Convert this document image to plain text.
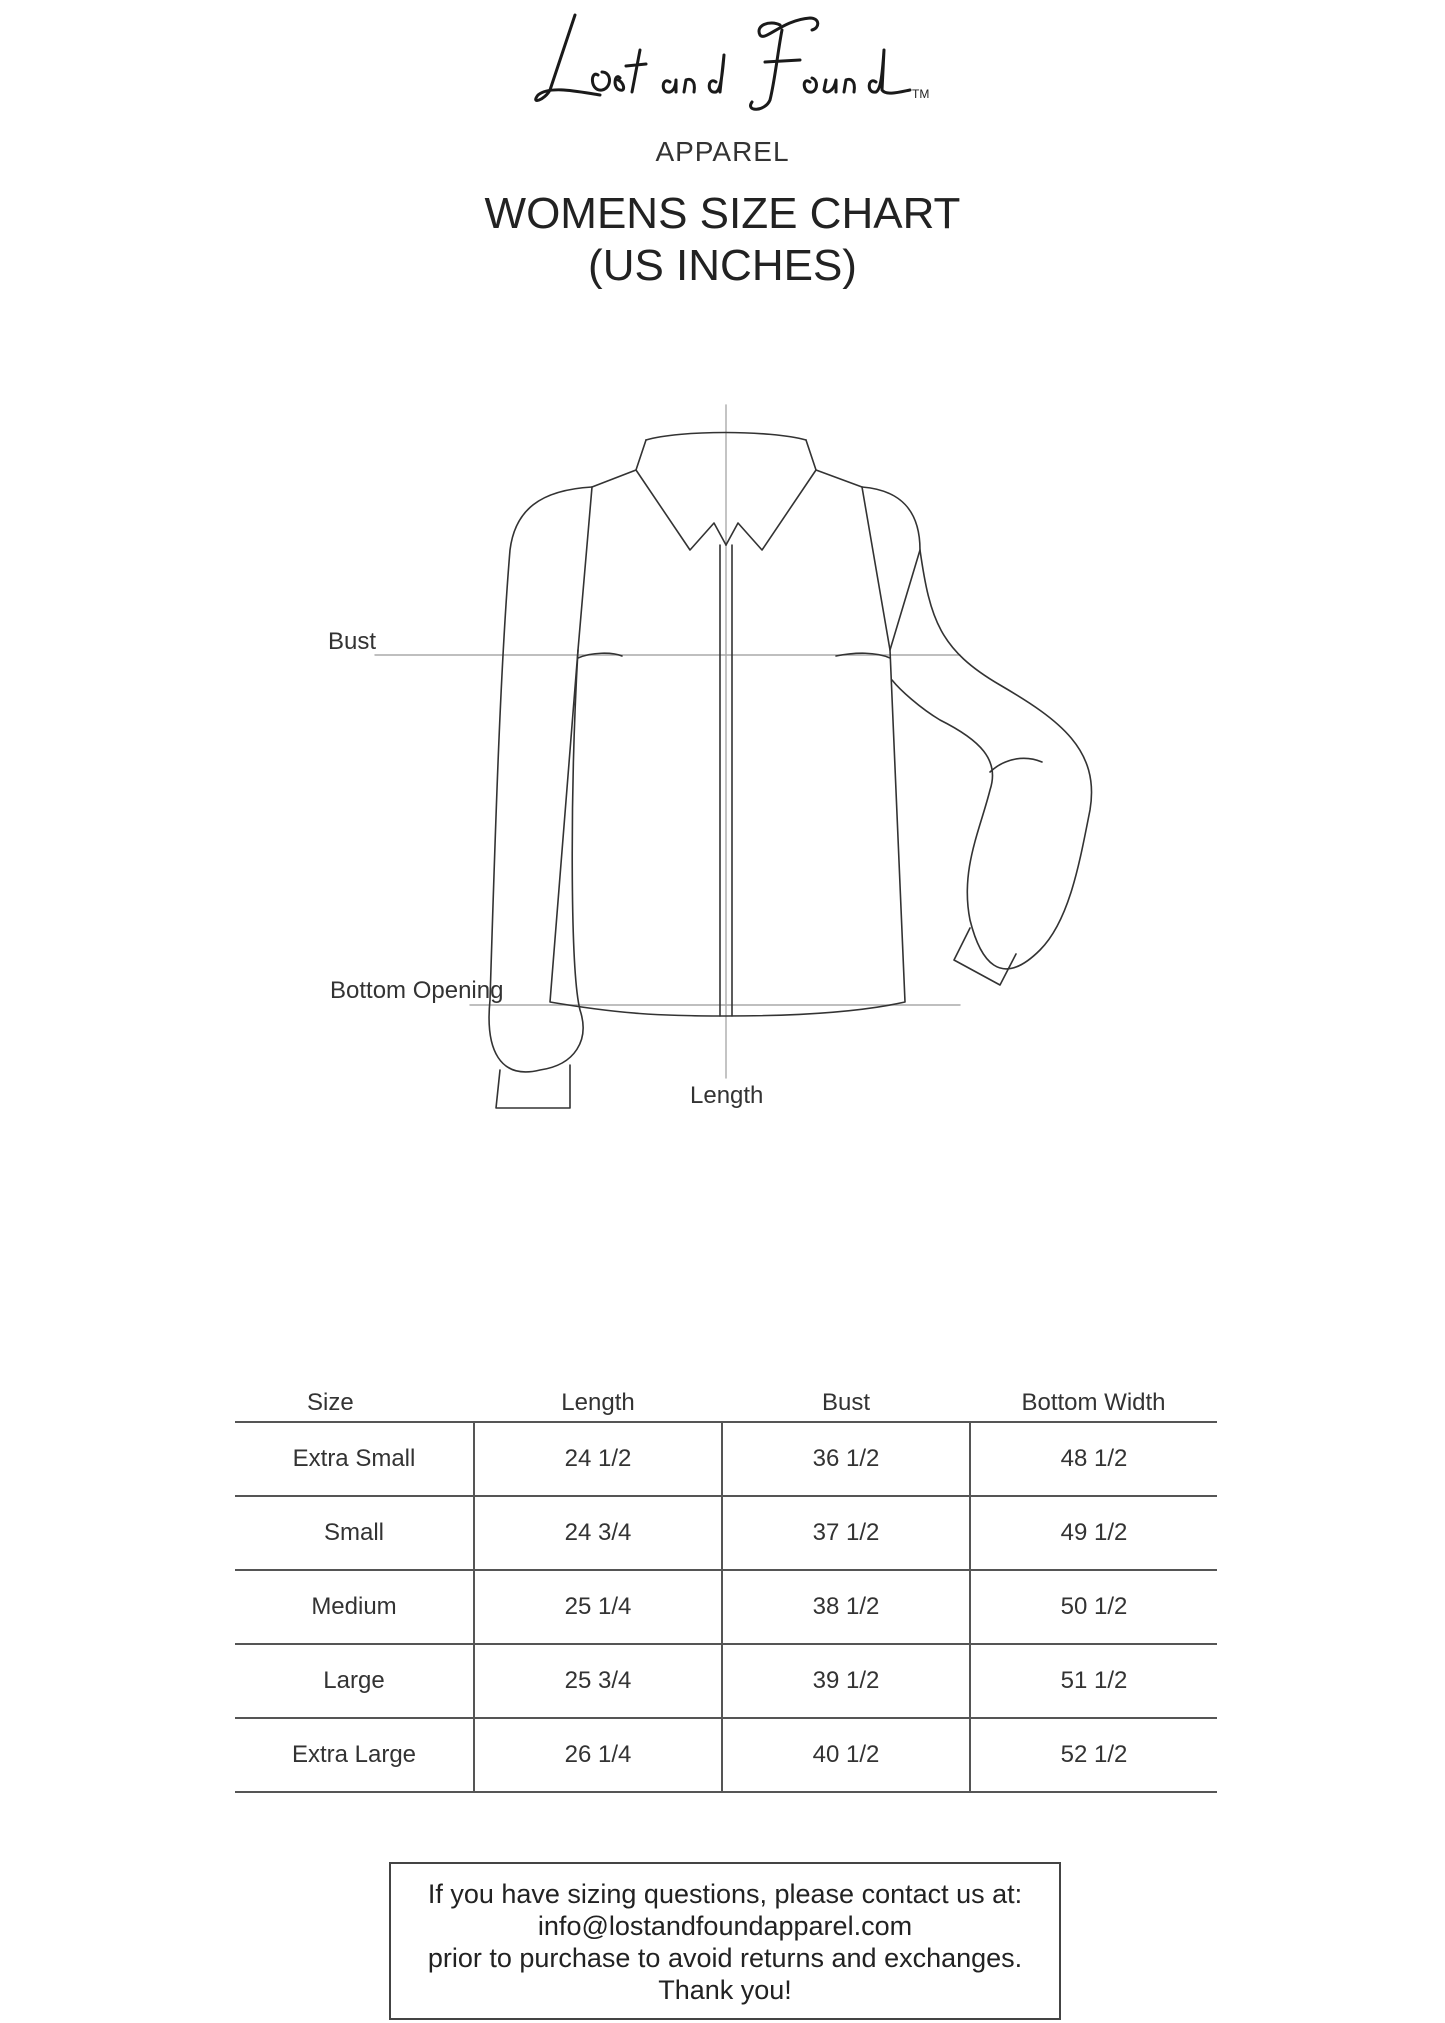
TM
APPAREL
WOMENS SIZE CHART
(US INCHES)
Bust
Bottom Opening
Length
Size	Length	Bust	Bottom Width
Extra Small	24 1/2	36 1/2	48 1/2
Small	24 3/4	37 1/2	49 1/2
Medium	25 1/4	38 1/2	50 1/2
Large	25 3/4	39 1/2	51 1/2
Extra Large	26 1/4	40 1/2	52 1/2
If you have sizing questions, please contact us at:
info@lostandfoundapparel.com
prior to purchase to avoid returns and exchanges.
Thank you!
